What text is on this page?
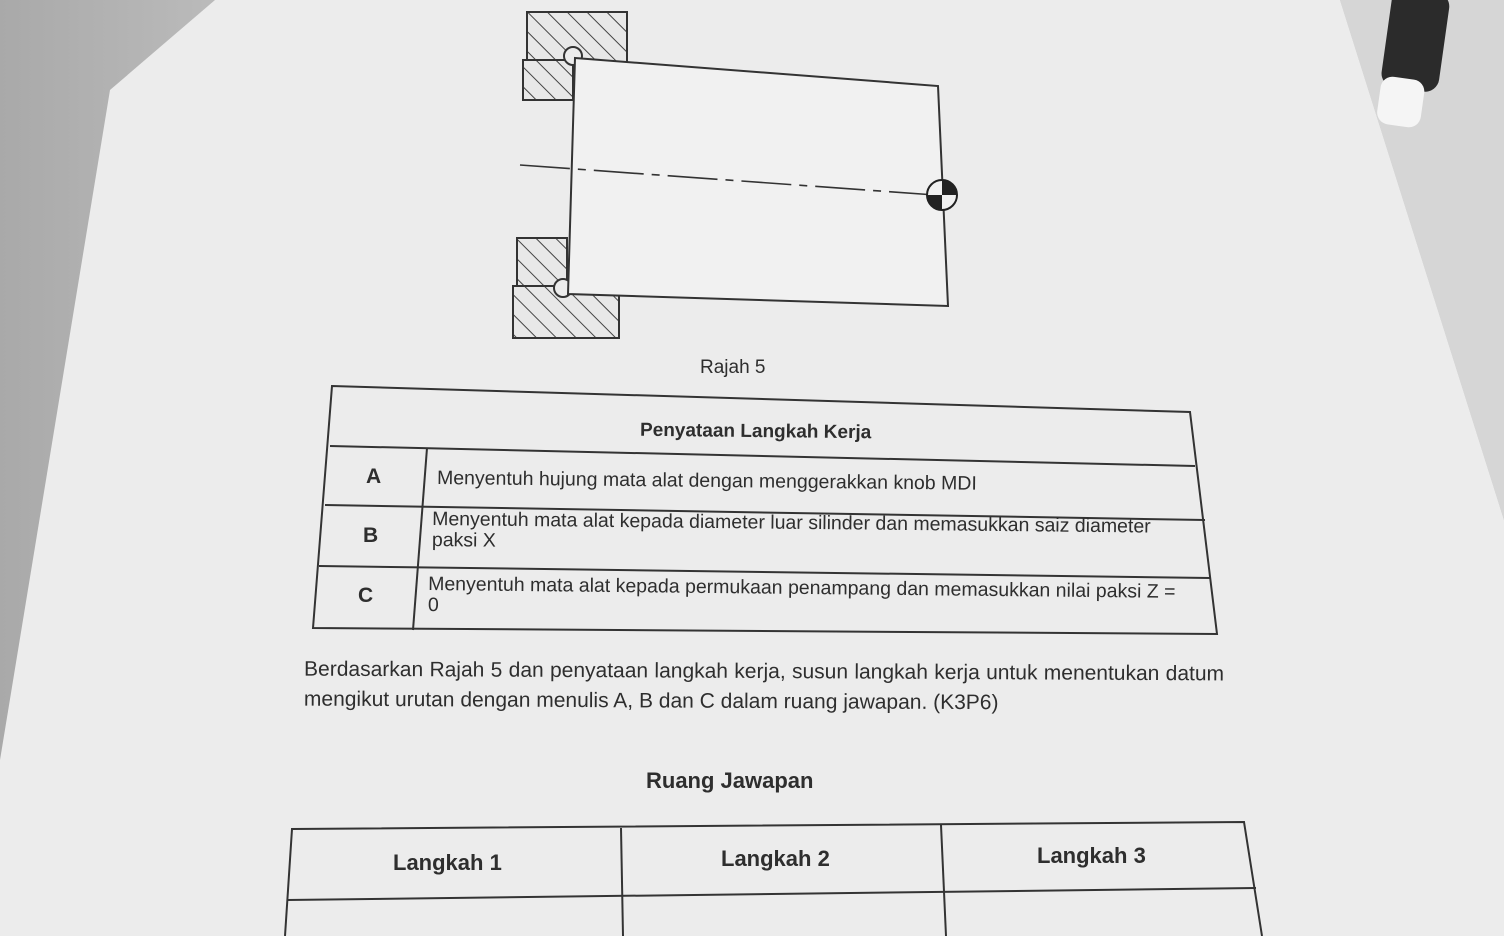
Rajah 5
Penyataan Langkah Kerja
A	Menyentuh hujung mata alat dengan menggerakkan knob MDI
B	Menyentuh mata alat kepada diameter luar silinder dan memasukkan saiz diameter paksi X
C	Menyentuh mata alat kepada permukaan penampang dan memasukkan nilai paksi Z = 0
Berdasarkan Rajah 5 dan penyataan langkah kerja, susun langkah kerja untuk menentukan datum mengikut urutan dengan menulis A, B dan C dalam ruang jawapan. (K3P6)
Ruang Jawapan
Langkah 1	Langkah 2	Langkah 3
